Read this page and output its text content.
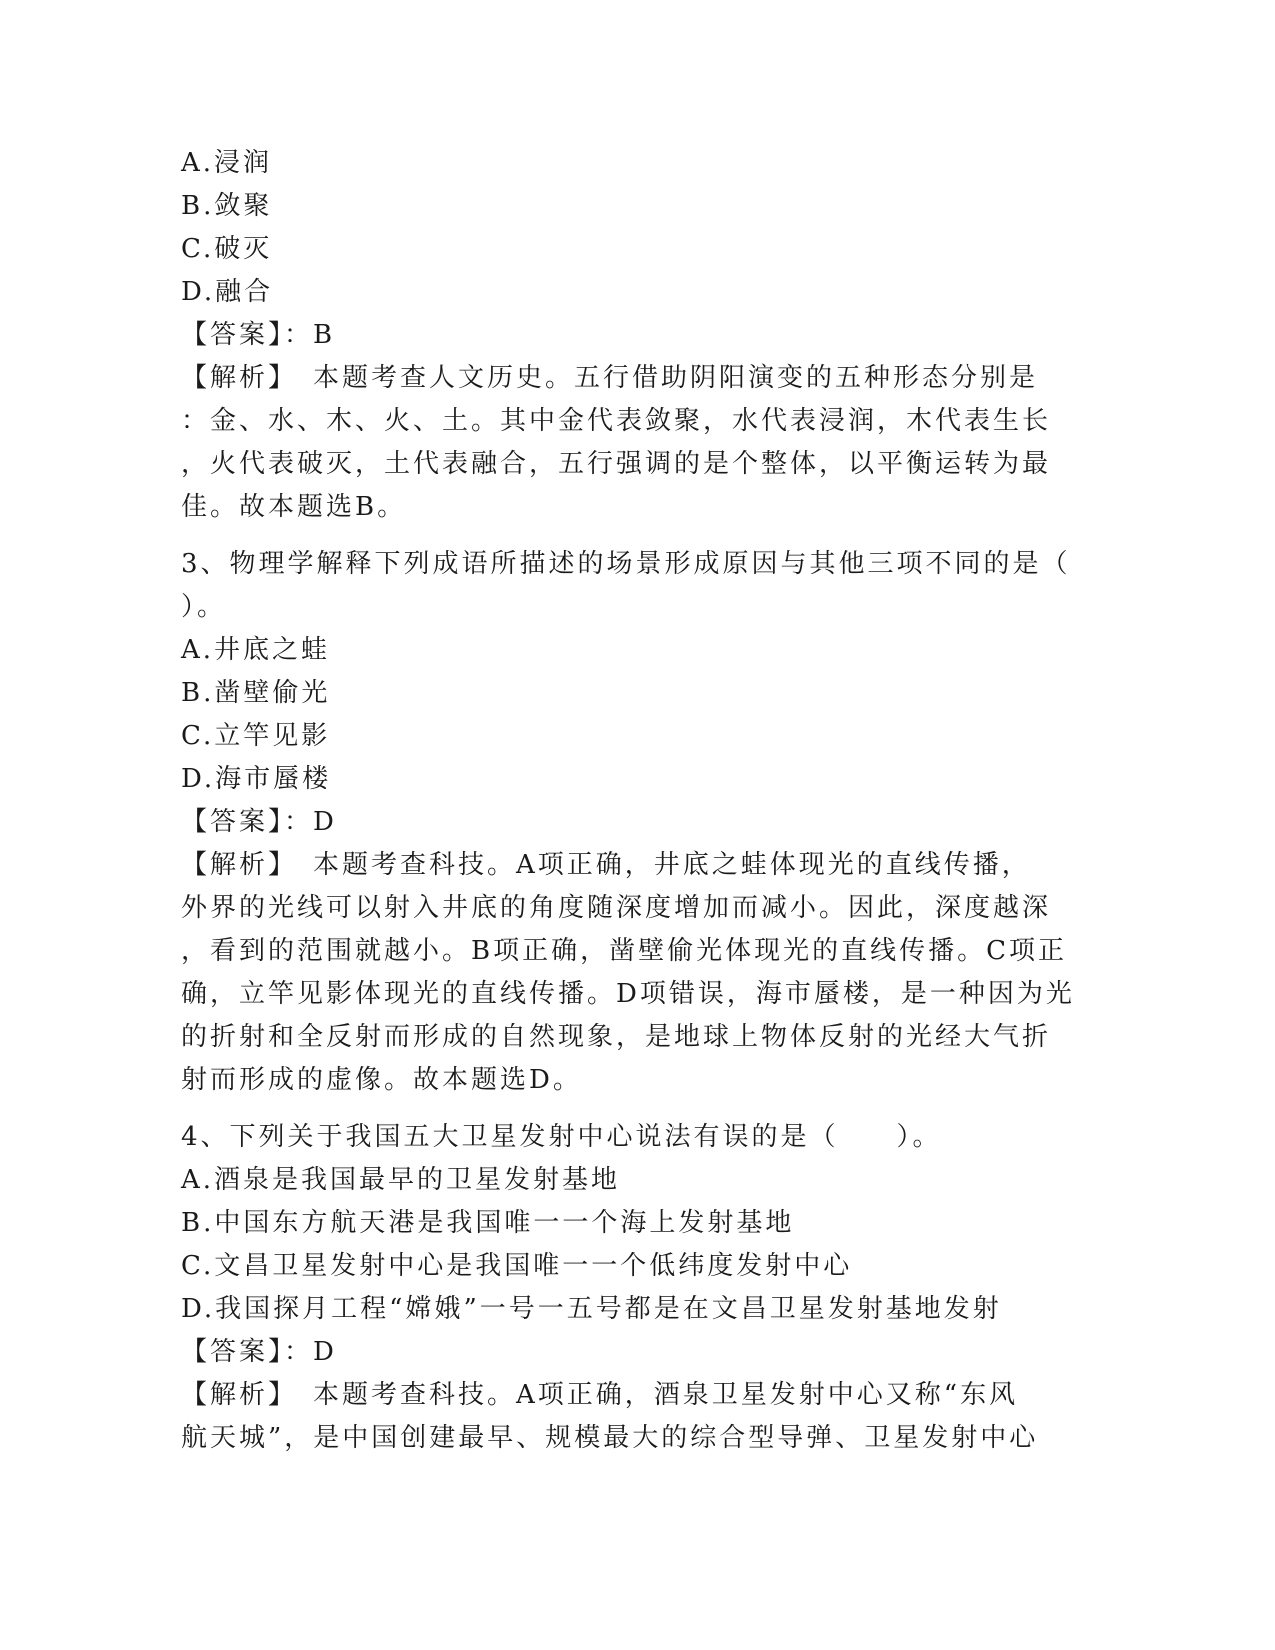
A.浸润
B.敛聚
C.破灭
D.融合
【答案】：B
【解析】　本题考查人文历史。五行借助阴阳演变的五种形态分别是
：金、水、木、火、土。其中金代表敛聚，水代表浸润，木代表生长
，火代表破灭，土代表融合，五行强调的是个整体，以平衡运转为最
佳。故本题选B。
3、物理学解释下列成语所描述的场景形成原因与其他三项不同的是（
）。
A.井底之蛙
B.凿壁偷光
C.立竿见影
D.海市蜃楼
【答案】：D
【解析】　本题考查科技。A项正确，井底之蛙体现光的直线传播，
外界的光线可以射入井底的角度随深度增加而减小。因此，深度越深
，看到的范围就越小。B项正确，凿壁偷光体现光的直线传播。C项正
确，立竿见影体现光的直线传播。D项错误，海市蜃楼，是一种因为光
的折射和全反射而形成的自然现象，是地球上物体反射的光经大气折
射而形成的虚像。故本题选D。
4、下列关于我国五大卫星发射中心说法有误的是（　　）。
A.酒泉是我国最早的卫星发射基地
B.中国东方航天港是我国唯一一个海上发射基地
C.文昌卫星发射中心是我国唯一一个低纬度发射中心
D.我国探月工程“嫦娥”一号一五号都是在文昌卫星发射基地发射
【答案】：D
【解析】　本题考查科技。A项正确，酒泉卫星发射中心又称“东风
航天城”，是中国创建最早、规模最大的综合型导弹、卫星发射中心
